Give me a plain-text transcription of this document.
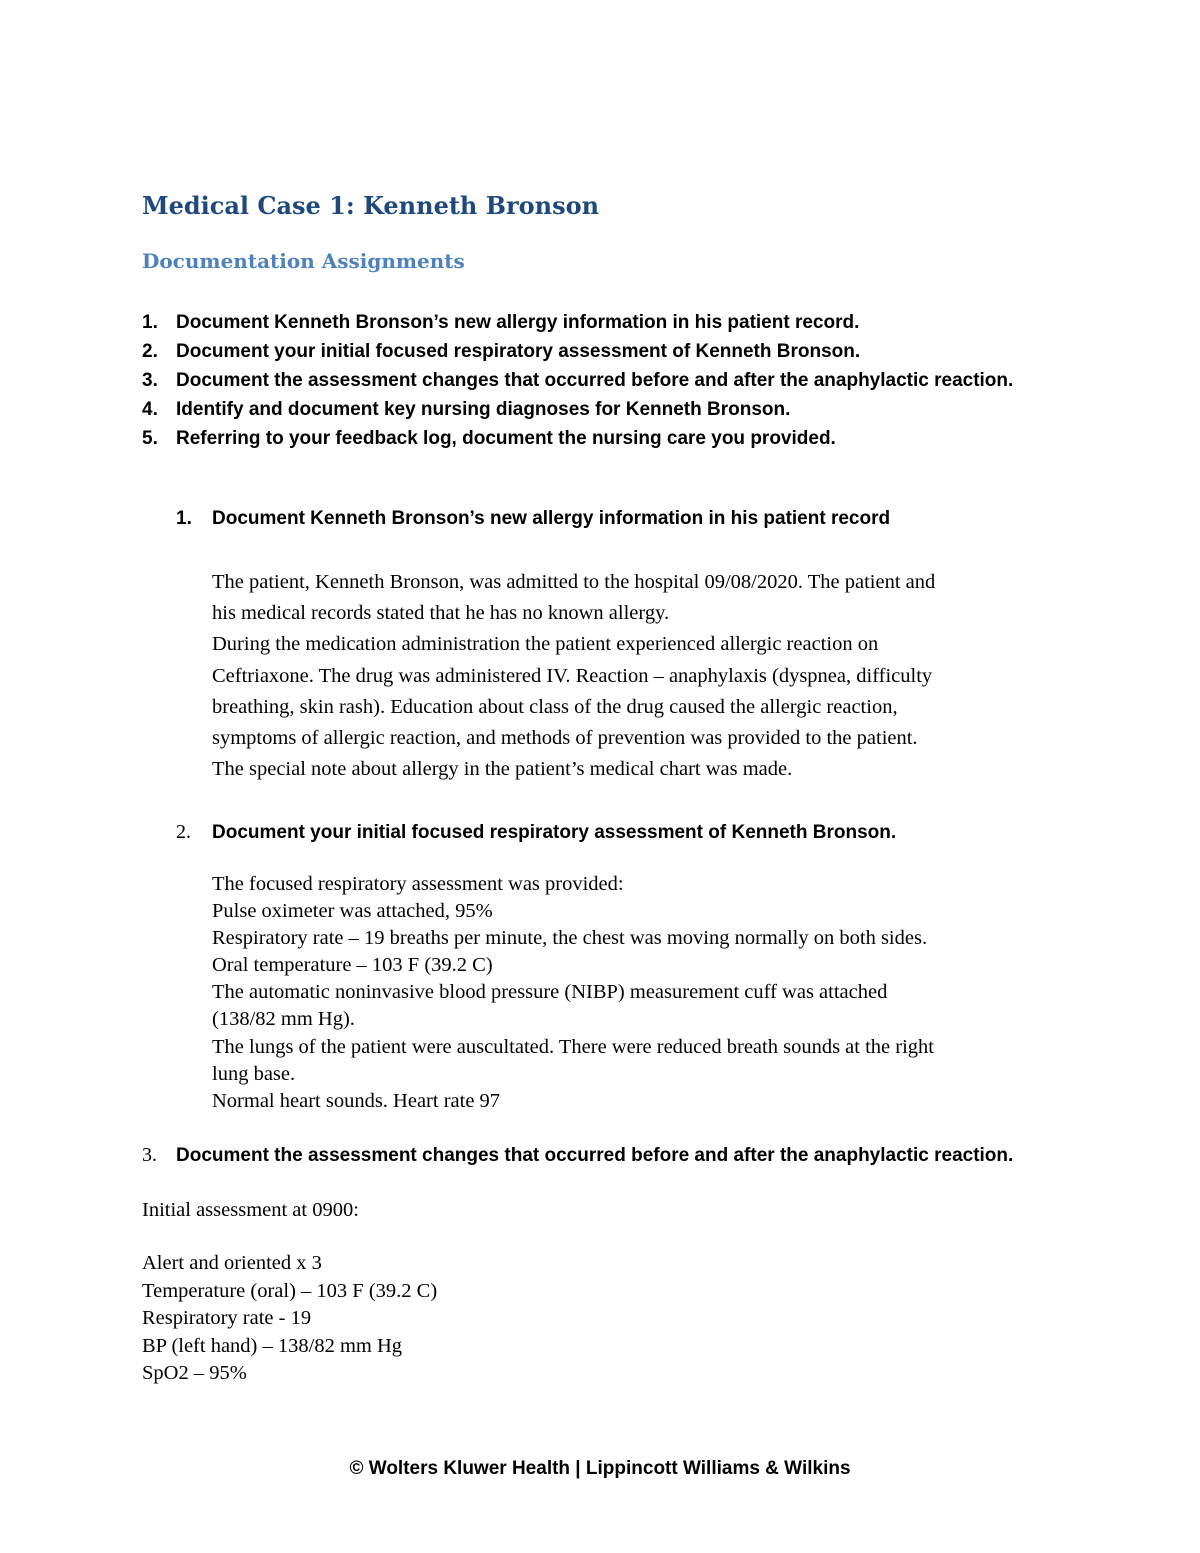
Medical Case 1: Kenneth Bronson
Documentation Assignments
1. Document Kenneth Bronson’s new allergy information in his patient record.
2. Document your initial focused respiratory assessment of Kenneth Bronson.
3. Document the assessment changes that occurred before and after the anaphylactic reaction.
4. Identify and document key nursing diagnoses for Kenneth Bronson.
5. Referring to your feedback log, document the nursing care you provided.
1. Document Kenneth Bronson’s new allergy information in his patient record
The patient, Kenneth Bronson, was admitted to the hospital 09/08/2020. The patient and
his medical records stated that he has no known allergy.
During the medication administration the patient experienced allergic reaction on
Ceftriaxone. The drug was administered IV. Reaction – anaphylaxis (dyspnea, difficulty
breathing, skin rash). Education about class of the drug caused the allergic reaction,
symptoms of allergic reaction, and methods of prevention was provided to the patient.
The special note about allergy in the patient’s medical chart was made.
2. Document your initial focused respiratory assessment of Kenneth Bronson.
The focused respiratory assessment was provided:
Pulse oximeter was attached, 95%
Respiratory rate – 19 breaths per minute, the chest was moving normally on both sides.
Oral temperature – 103 F (39.2 C)
The automatic noninvasive blood pressure (NIBP) measurement cuff was attached
(138/82 mm Hg).
The lungs of the patient were auscultated. There were reduced breath sounds at the right
lung base.
Normal heart sounds. Heart rate 97
3. Document the assessment changes that occurred before and after the anaphylactic reaction.
Initial assessment at 0900:
Alert and oriented x 3
Temperature (oral) – 103 F (39.2 C)
Respiratory rate - 19
BP (left hand) – 138/82 mm Hg
SpO2 – 95%
© Wolters Kluwer Health | Lippincott Williams & Wilkins
